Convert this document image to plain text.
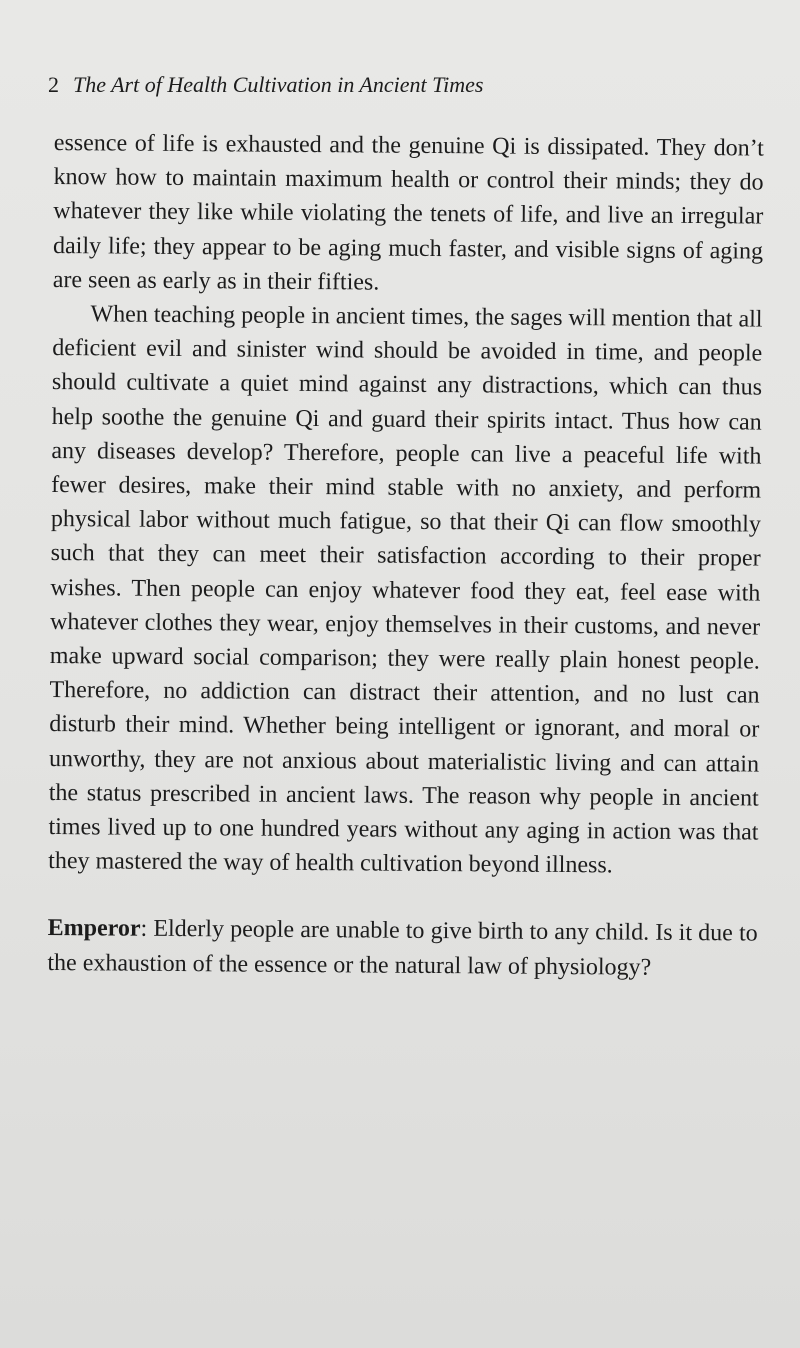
2 The Art of Health Cultivation in Ancient Times

essence of life is exhausted and the genuine Qi is dissipated. They don’t know how to maintain maximum health or control their minds; they do whatever they like while violating the tenets of life, and live an irregular daily life; they appear to be aging much faster, and visible signs of aging are seen as early as in their fifties.

When teaching people in ancient times, the sages will mention that all deficient evil and sinister wind should be avoided in time, and people should cultivate a quiet mind against any distractions, which can thus help soothe the genuine Qi and guard their spirits intact. Thus how can any diseases develop? Therefore, people can live a peaceful life with fewer desires, make their mind stable with no anxiety, and perform physical labor without much fatigue, so that their Qi can flow smoothly such that they can meet their satisfaction according to their proper wishes. Then people can enjoy whatever food they eat, feel ease with whatever clothes they wear, enjoy themselves in their customs, and never make upward social comparison; they were really plain honest people. Therefore, no addiction can distract their attention, and no lust can disturb their mind. Whether being intelligent or ignorant, and moral or unworthy, they are not anxious about materialistic living and can attain the status prescribed in ancient laws. The reason why people in ancient times lived up to one hundred years without any aging in action was that they mastered the way of health cultivation beyond illness.

Emperor: Elderly people are unable to give birth to any child. Is it due to the exhaustion of the essence or the natural law of physiology?
